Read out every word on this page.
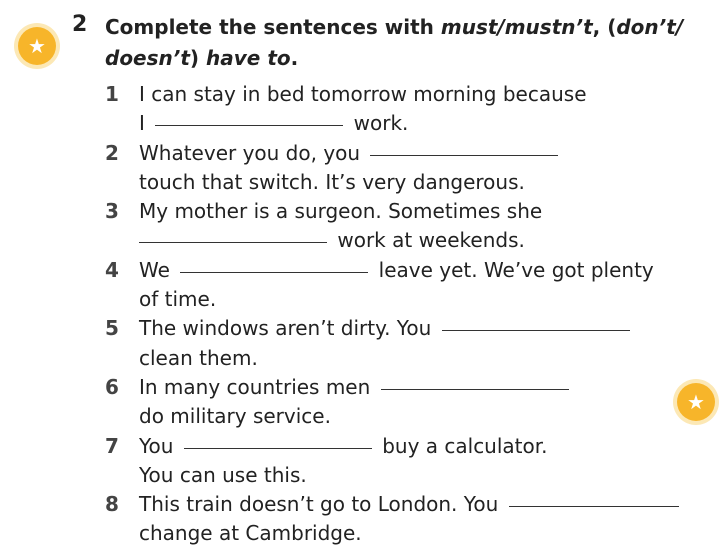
★
★
2 Complete the sentences with must/mustn’t, (don’t/
doesn’t) have to.
1	I can stay in bed tomorrow morning because
I	work.
2	Whatever you do, you
touch that switch. It’s very dangerous.
3	My mother is a surgeon. Sometimes she
work at weekends.
4	We	leave yet. We’ve got plenty
of time.
5	The windows aren’t dirty. You
clean them.
6	In many countries men
do military service.
7	You	buy a calculator.
You can use this.
8	This train doesn’t go to London. You
change at Cambridge.
